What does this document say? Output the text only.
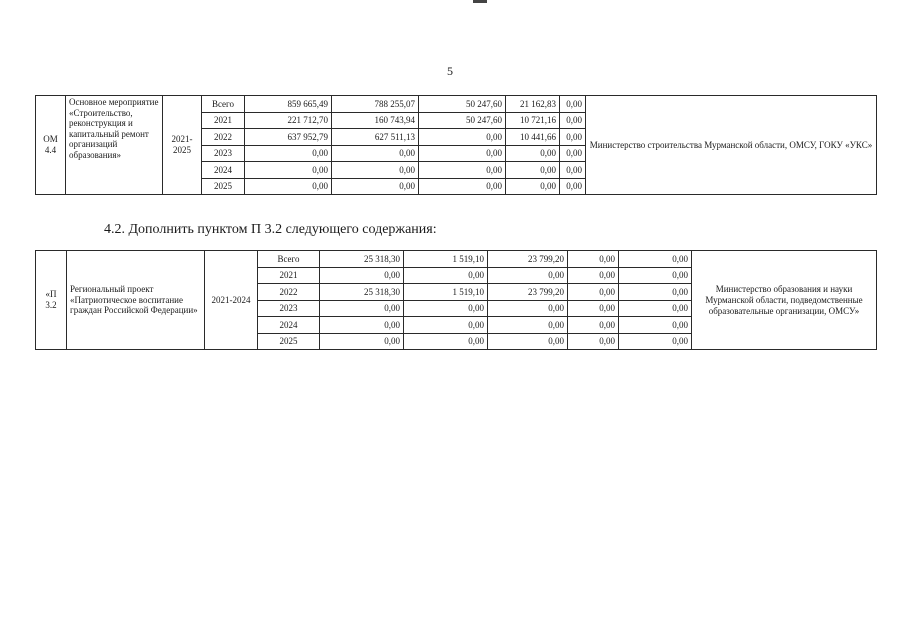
5
ОМ 4.4	Основное мероприятие «Строительство, реконструкция и капитальный ремонт организаций образования»	2021-2025	Всего	859 665,49	788 255,07	50 247,60	21 162,83	0,00	Министерство строительства Мурманской области, ОМСУ, ГОКУ «УКС»
			2021	221 712,70	160 743,94	50 247,60	10 721,16	0,00	
			2022	637 952,79	627 511,13	0,00	10 441,66	0,00	
			2023	0,00	0,00	0,00	0,00	0,00	
			2024	0,00	0,00	0,00	0,00	0,00	
			2025	0,00	0,00	0,00	0,00	0,00	
4.2. Дополнить пунктом П 3.2 следующего содержания:
«П 3.2	Региональный проект «Патриотическое воспитание граждан Российской Федерации»	2021-2024	Всего	25 318,30	1 519,10	23 799,20	0,00	0,00	Министерство образования и науки Мурманской области, подведомственные образовательные организации, ОМСУ»
			2021	0,00	0,00	0,00	0,00	0,00	
			2022	25 318,30	1 519,10	23 799,20	0,00	0,00	
			2023	0,00	0,00	0,00	0,00	0,00	
			2024	0,00	0,00	0,00	0,00	0,00	
			2025	0,00	0,00	0,00	0,00	0,00	
